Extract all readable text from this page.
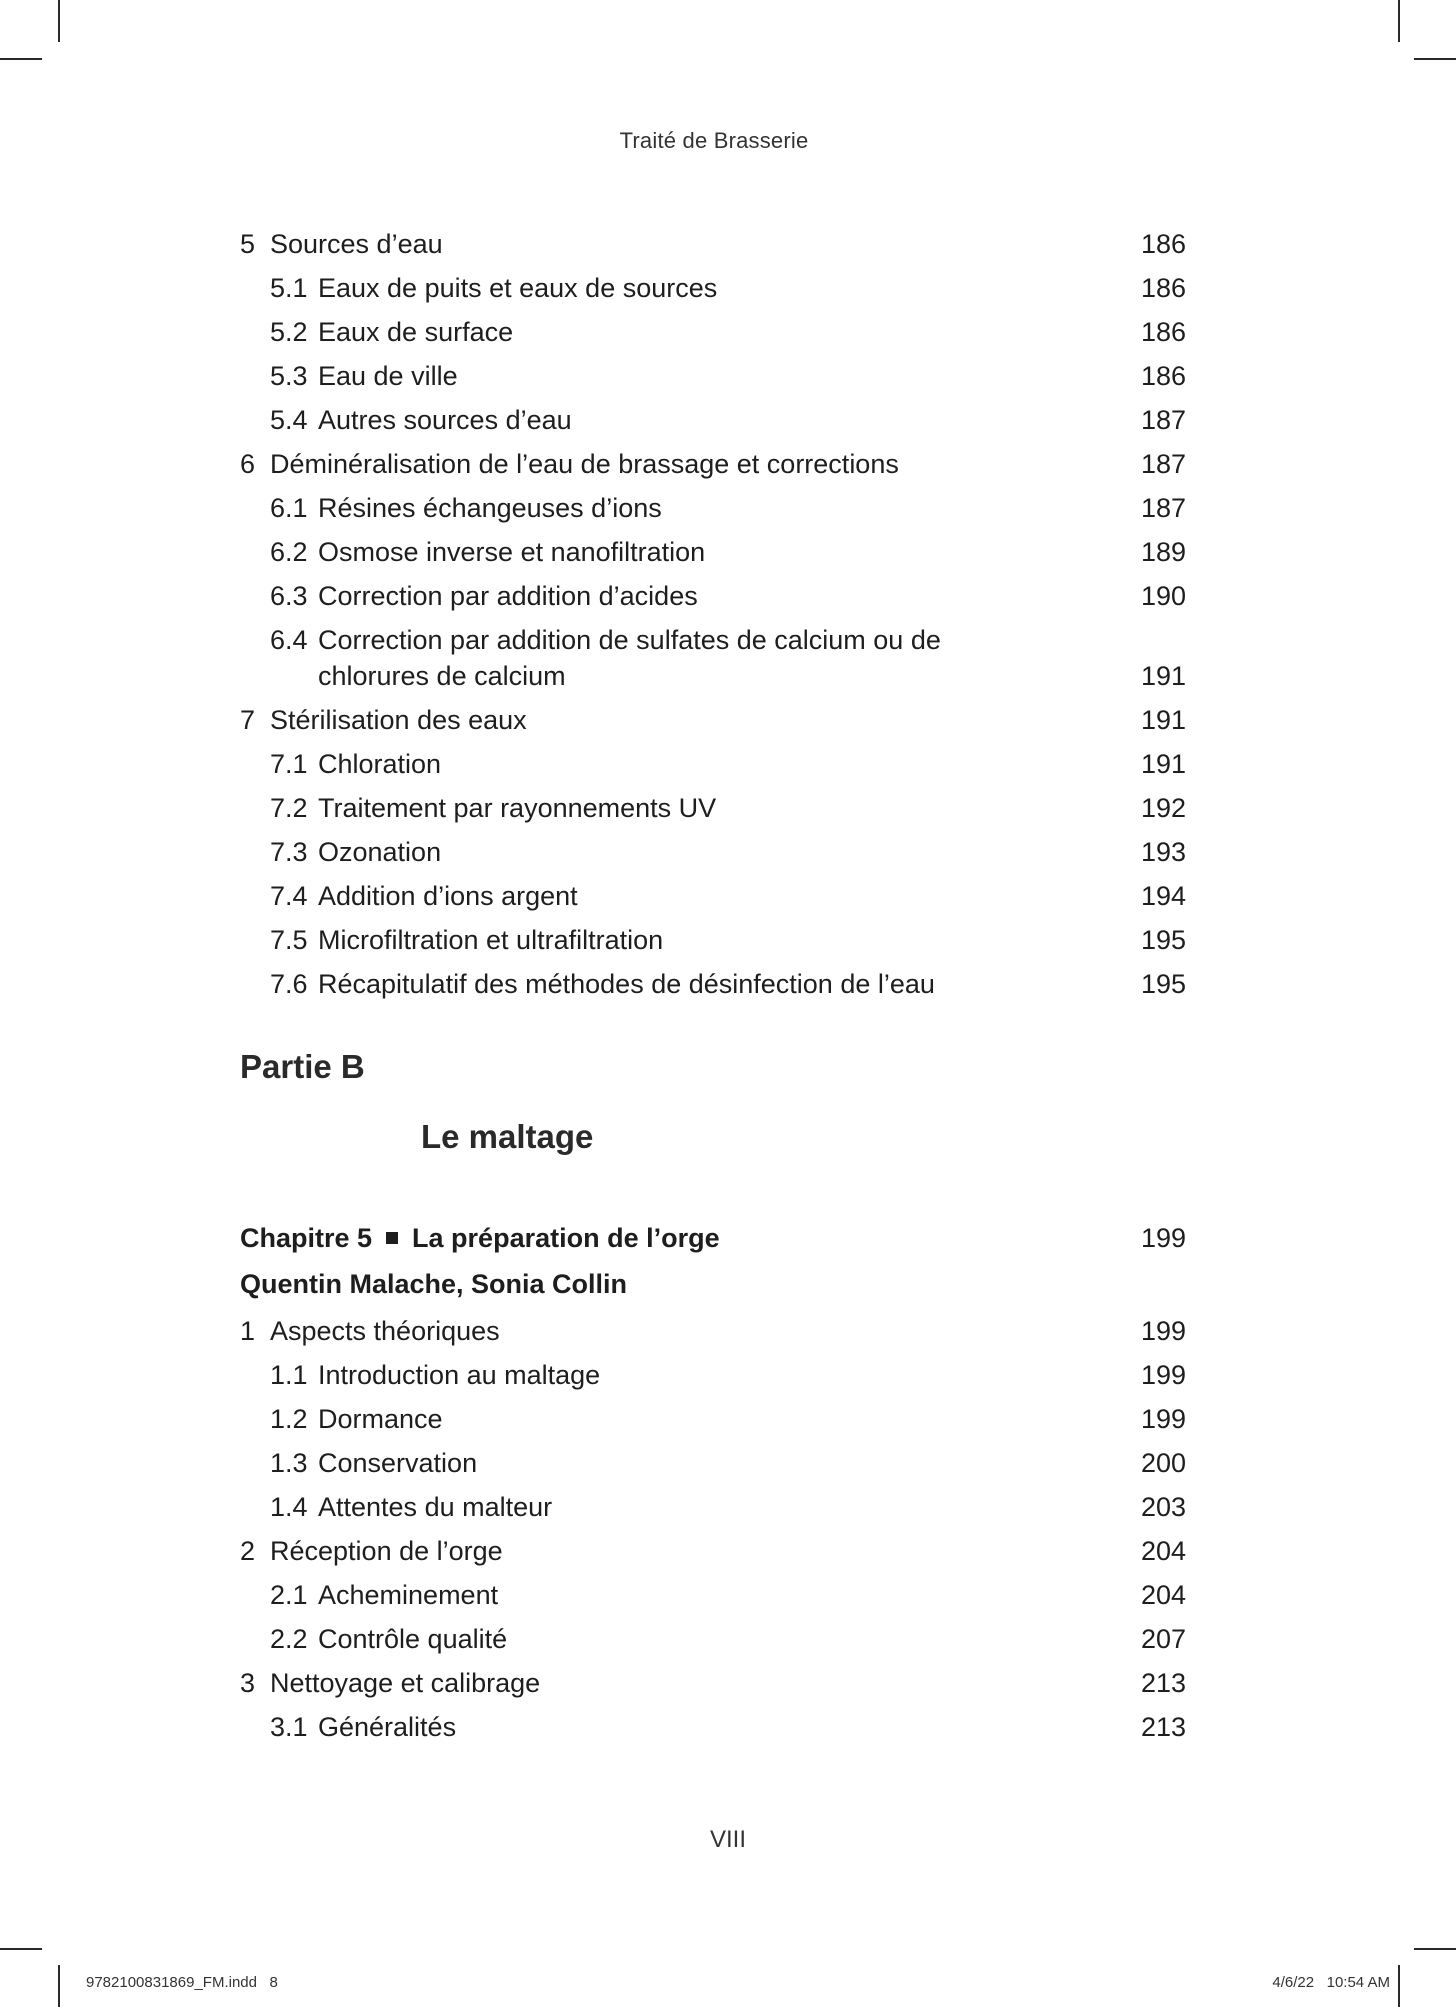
Traité de Brasserie
5 Sources d’eau	186
5.1 Eaux de puits et eaux de sources	186
5.2 Eaux de surface	186
5.3 Eau de ville	186
5.4 Autres sources d’eau	187
6 Déminéralisation de l’eau de brassage et corrections	187
6.1 Résines échangeuses d’ions	187
6.2 Osmose inverse et nanofiltration	189
6.3 Correction par addition d’acides	190
6.4 Correction par addition de sulfates de calcium ou de chlorures de calcium	191
7 Stérilisation des eaux	191
7.1 Chloration	191
7.2 Traitement par rayonnements UV	192
7.3 Ozonation	193
7.4 Addition d’ions argent	194
7.5 Microfiltration et ultrafiltration	195
7.6 Récapitulatif des méthodes de désinfection de l’eau	195
Partie B
Le maltage
Chapitre 5 La préparation de l’orge	199
Quentin Malache, Sonia Collin
1 Aspects théoriques	199
1.1 Introduction au maltage	199
1.2 Dormance	199
1.3 Conservation	200
1.4 Attentes du malteur	203
2 Réception de l’orge	204
2.1 Acheminement	204
2.2 Contrôle qualité	207
3 Nettoyage et calibrage	213
3.1 Généralités	213
VIII
9782100831869_FM.indd   8	4/6/22   10:54 AM
